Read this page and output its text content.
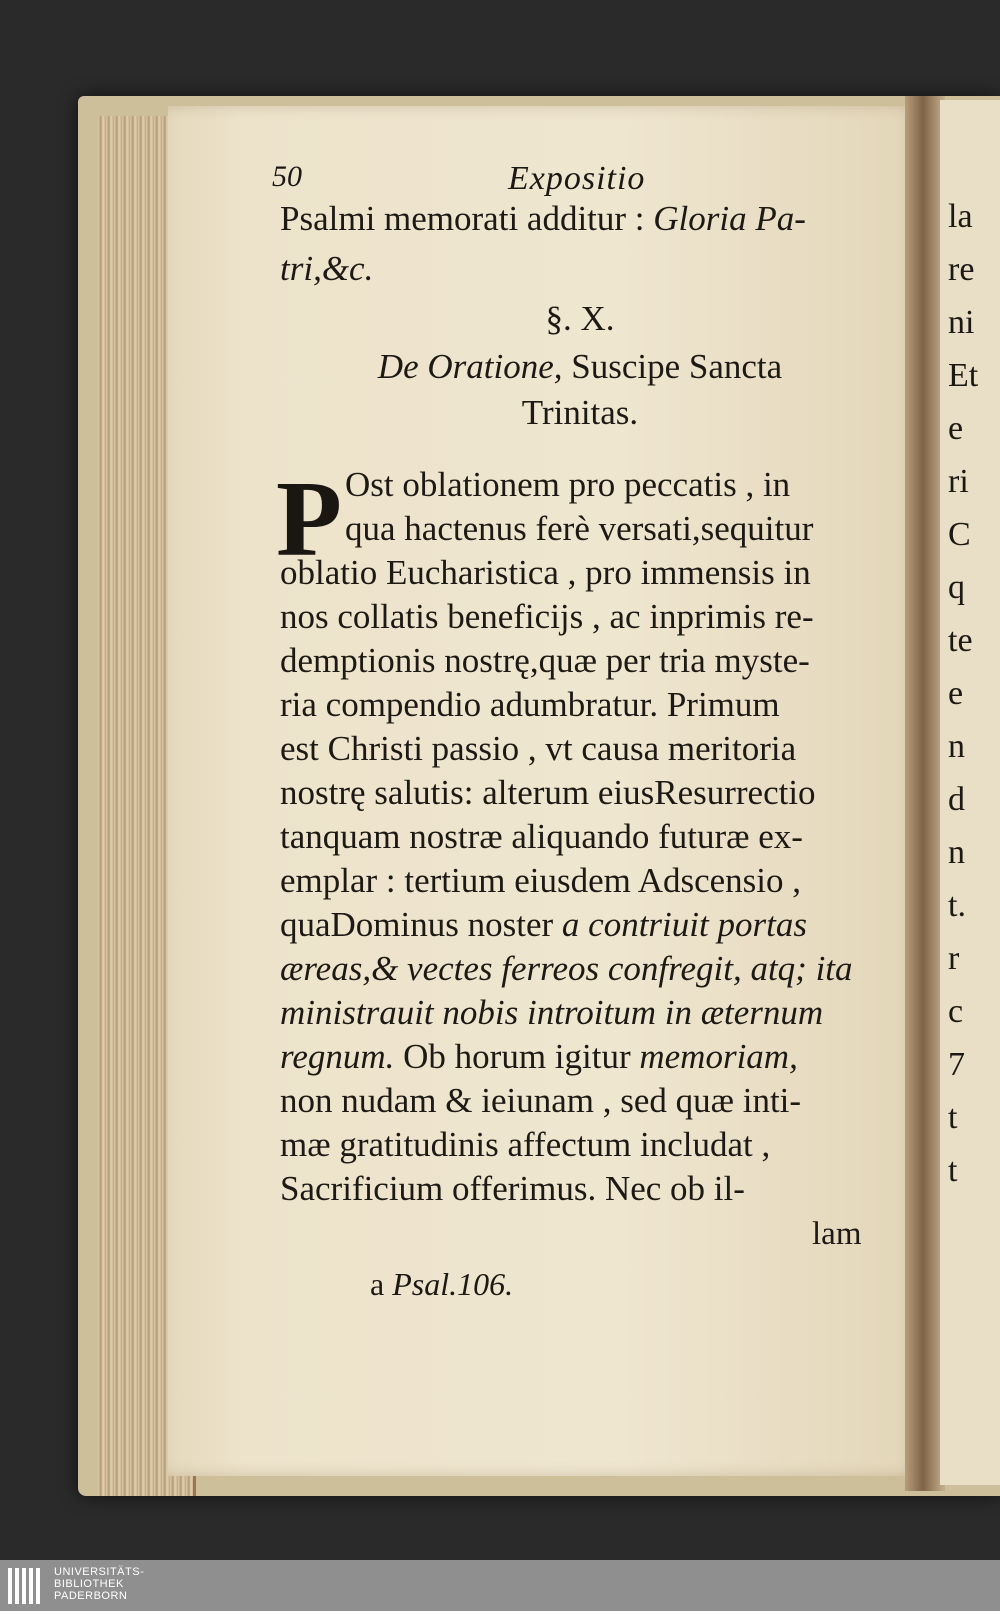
la
re
ni
Et
e
ri
C
q
te
e
n
d
n
t.
r
c
7
t
t
50	Expositio
Psalmi memorati additur : Gloria Pa-
tri,&c.
§. X.
De Oratione, Suscipe Sancta
Trinitas.
P Ost oblationem pro peccatis , in
qua hactenus ferè versati,sequitur
oblatio Eucharistica , pro immensis in
nos collatis beneficijs , ac inprimis re-
demptionis nostrę,quæ per tria myste-
ria compendio adumbratur. Primum
est Christi passio , vt causa meritoria
nostrę salutis: alterum eiusResurrectio
tanquam nostræ aliquando futuræ ex-
emplar : tertium eiusdem Adscensio ,
quaDominus noster a contriuit portas
æreas,& vectes ferreos confregit, atq; ita
ministrauit nobis introitum in æternum
regnum. Ob horum igitur memoriam,
non nudam & ieiunam , sed quæ inti-
mæ gratitudinis affectum includat ,
Sacrificium offerimus. Nec ob il-
lam
a Psal.106.
UNIVERSITÄTS-
BIBLIOTHEK
PADERBORN
